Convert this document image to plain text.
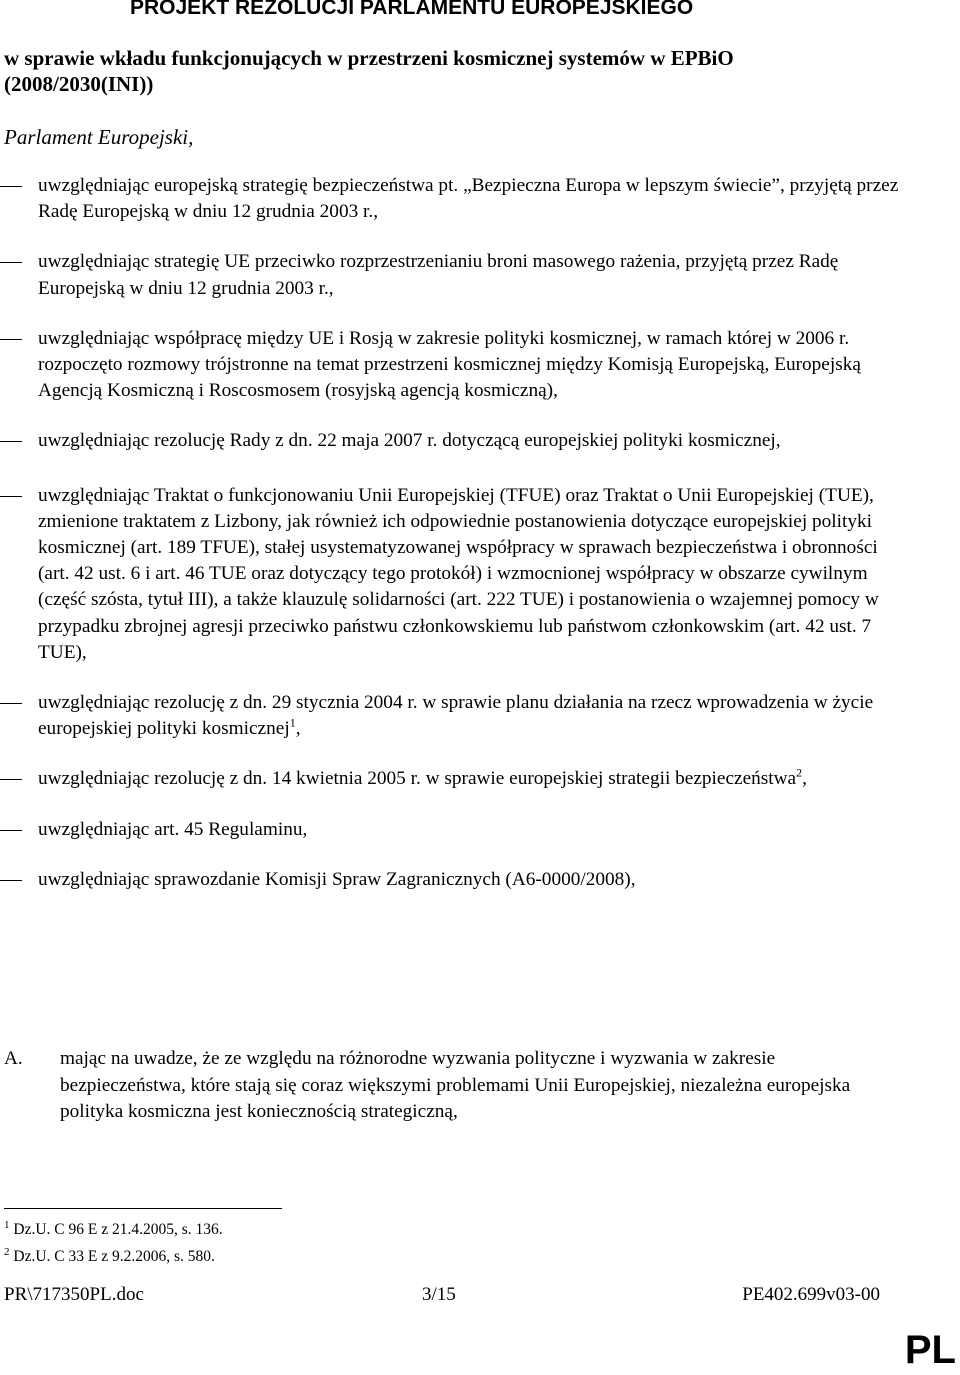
PROJEKT REZOLUCJI PARLAMENTU EUROPEJSKIEGO
w sprawie wkładu funkcjonujących w przestrzeni kosmicznej systemów w EPBiO (2008/2030(INI))
Parlament Europejski,
uwzględniając europejską strategię bezpieczeństwa pt. „Bezpieczna Europa w lepszym świecie”, przyjętą przez Radę Europejską w dniu 12 grudnia 2003 r.,
uwzględniając strategię UE przeciwko rozprzestrzenianiu broni masowego rażenia, przyjętą przez Radę Europejską w dniu 12 grudnia 2003 r.,
uwzględniając współpracę między UE i Rosją w zakresie polityki kosmicznej, w ramach której w 2006 r. rozpoczęto rozmowy trójstronne na temat przestrzeni kosmicznej między Komisją Europejską, Europejską Agencją Kosmiczną i Roscosmosem (rosyjską agencją kosmiczną),
uwzględniając rezolucję Rady z dn. 22 maja 2007 r. dotyczącą europejskiej polityki kosmicznej,
uwzględniając Traktat o funkcjonowaniu Unii Europejskiej (TFUE) oraz Traktat o Unii Europejskiej (TUE), zmienione traktatem z Lizbony, jak również ich odpowiednie postanowienia dotyczące europejskiej polityki kosmicznej (art. 189 TFUE), stałej usystematyzowanej współpracy w sprawach bezpieczeństwa i obronności (art. 42 ust. 6 i art. 46 TUE oraz dotyczący tego protokół) i wzmocnionej współpracy w obszarze cywilnym (część szósta, tytuł III), a także klauzulę solidarności (art. 222 TUE) i postanowienia o wzajemnej pomocy w przypadku zbrojnej agresji przeciwko państwu członkowskiemu lub państwom członkowskim (art. 42 ust. 7 TUE),
uwzględniając rezolucję z dn. 29 stycznia 2004 r. w sprawie planu działania na rzecz wprowadzenia w życie europejskiej polityki kosmicznej$^1$,
uwzględniając rezolucję z dn. 14 kwietnia 2005 r. w sprawie europejskiej strategii bezpieczeństwa$^2$,
uwzględniając art. 45 Regulaminu,
uwzględniając sprawozdanie Komisji Spraw Zagranicznych (A6-0000/2008),
A.	mając na uwadze, że ze względu na różnorodne wyzwania polityczne i wyzwania w zakresie bezpieczeństwa, które stają się coraz większymi problemami Unii Europejskiej, niezależna europejska polityka kosmiczna jest koniecznością strategiczną,
$^1$ Dz.U. C 96 E z 21.4.2005, s. 136.
$^2$ Dz.U. C 33 E z 9.2.2006, s. 580.
PR\717350PL.doc	3/15	PE402.699v03-00
PL
